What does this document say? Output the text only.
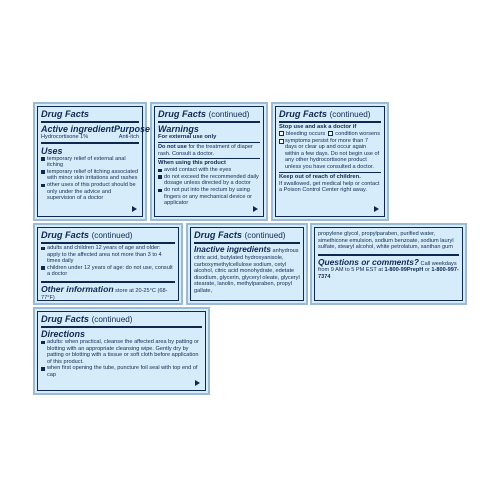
Drug Facts
Active ingredient Purpose
Hydrocortisone 1%	Anti-itch
Uses
temporary relief of external anal itching
temporary relief of itching associated with minor skin irritations and rashes
other uses of this product should be only under the advice and supervision of a doctor
Drug Facts (continued)
Warnings
For external use only
Do not use for the treatment of diaper rash. Consult a doctor.
When using this product
avoid contact with the eyes
do not exceed the recommended daily dosage unless directed by a doctor
do not put into the rectum by using fingers or any mechanical device or applicator
Drug Facts (continued)
Stop use and ask a doctor if
bleeding occurs condition worsens
symptoms persist for more than 7 days or clear up and occur again within a few days. Do not begin use of any other hydrocortisone product unless you have consulted a doctor.
Keep out of reach of children.
If swallowed, get medical help or contact a Poison Control Center right away.
Drug Facts (continued)
adults and children 12 years of age and older: apply to the affected area not more than 3 to 4 times daily
children under 12 years of age: do not use, consult a doctor
Other information store at 20-25°C (68-77°F)
Drug Facts (continued)
Inactive ingredients anhydrous citric acid, butylated hydroxyanisole, carboxymethylcellulose sodium, cetyl alcohol, citric acid monohydrate, edetate disodium, glycerin, glyceryl oleate, glyceryl stearate, lanolin, methylparaben, propyl gallate,
propylene glycol, propylparaben, purified water, simethicone emulsion, sodium benzoate, sodium lauryl sulfate, stearyl alcohol, white petrolatum, xanthan gum
Questions or comments? Call weekdays from 9 AM to 5 PM EST at 1-800-99PrepH or 1-800-997-7374
Drug Facts (continued)
Directions
adults: when practical, cleanse the affected area by patting or blotting with an appropriate cleansing wipe. Gently dry by patting or blotting with a tissue or soft cloth before application of this product.
when first opening the tube, puncture foil seal with top end of cap
